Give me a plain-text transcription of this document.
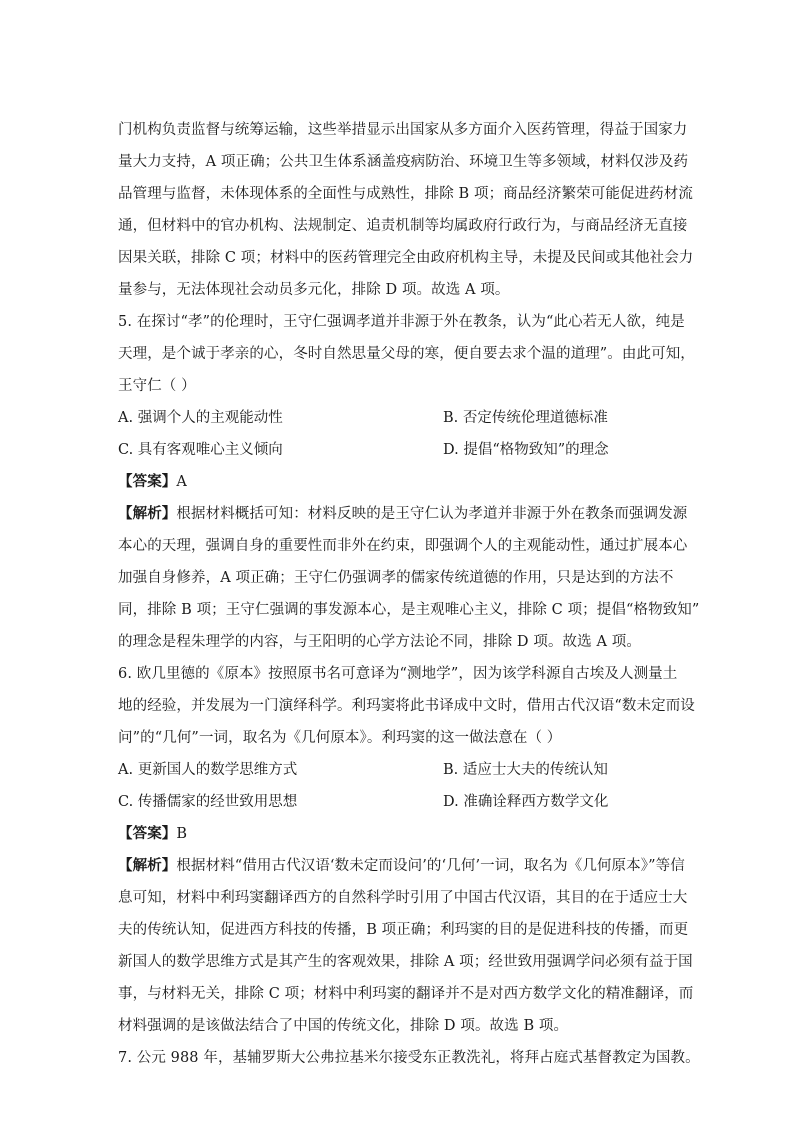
门机构负责监督与统筹运输，这些举措显示出国家从多方面介入医药管理，得益于国家力
量大力支持，A 项正确；公共卫生体系涵盖疫病防治、环境卫生等多领域，材料仅涉及药
品管理与监督，未体现体系的全面性与成熟性，排除 B 项；商品经济繁荣可能促进药材流
通，但材料中的官办机构、法规制定、追责机制等均属政府行政行为，与商品经济无直接
因果关联，排除 C 项；材料中的医药管理完全由政府机构主导，未提及民间或其他社会力
量参与，无法体现社会动员多元化，排除 D 项。故选 A 项。
5. 在探讨“孝”的伦理时，王守仁强调孝道并非源于外在教条，认为“此心若无人欲，纯是
天理，是个诚于孝亲的心，冬时自然思量父母的寒，便自要去求个温的道理”。由此可知，
王守仁（ ）
A. 强调个人的主观能动性	B. 否定传统伦理道德标准
C. 具有客观唯心主义倾向	D. 提倡“格物致知”的理念
【答案】A
【解析】根据材料概括可知：材料反映的是王守仁认为孝道并非源于外在教条而强调发源
本心的天理，强调自身的重要性而非外在约束，即强调个人的主观能动性，通过扩展本心
加强自身修养，A 项正确；王守仁仍强调孝的儒家传统道德的作用，只是达到的方法不
同，排除 B 项；王守仁强调的事发源本心，是主观唯心主义，排除 C 项；提倡“格物致知”
的理念是程朱理学的内容，与王阳明的心学方法论不同，排除 D 项。故选 A 项。
6. 欧几里德的《原本》按照原书名可意译为“测地学”，因为该学科源自古埃及人测量土
地的经验，并发展为一门演绎科学。利玛窦将此书译成中文时，借用古代汉语“数未定而设
问”的“几何”一词，取名为《几何原本》。利玛窦的这一做法意在（ ）
A. 更新国人的数学思维方式	B. 适应士大夫的传统认知
C. 传播儒家的经世致用思想	D. 准确诠释西方数学文化
【答案】B
【解析】根据材料“借用古代汉语‘数未定而设问’的‘几何’一词，取名为《几何原本》”等信
息可知，材料中利玛窦翻译西方的自然科学时引用了中国古代汉语，其目的在于适应士大
夫的传统认知，促进西方科技的传播，B 项正确；利玛窦的目的是促进科技的传播，而更
新国人的数学思维方式是其产生的客观效果，排除 A 项；经世致用强调学问必须有益于国
事，与材料无关，排除 C 项；材料中利玛窦的翻译并不是对西方数学文化的精准翻译，而
材料强调的是该做法结合了中国的传统文化，排除 D 项。故选 B 项。
7. 公元 988 年，基辅罗斯大公弗拉基米尔接受东正教洗礼，将拜占庭式基督教定为国教。
